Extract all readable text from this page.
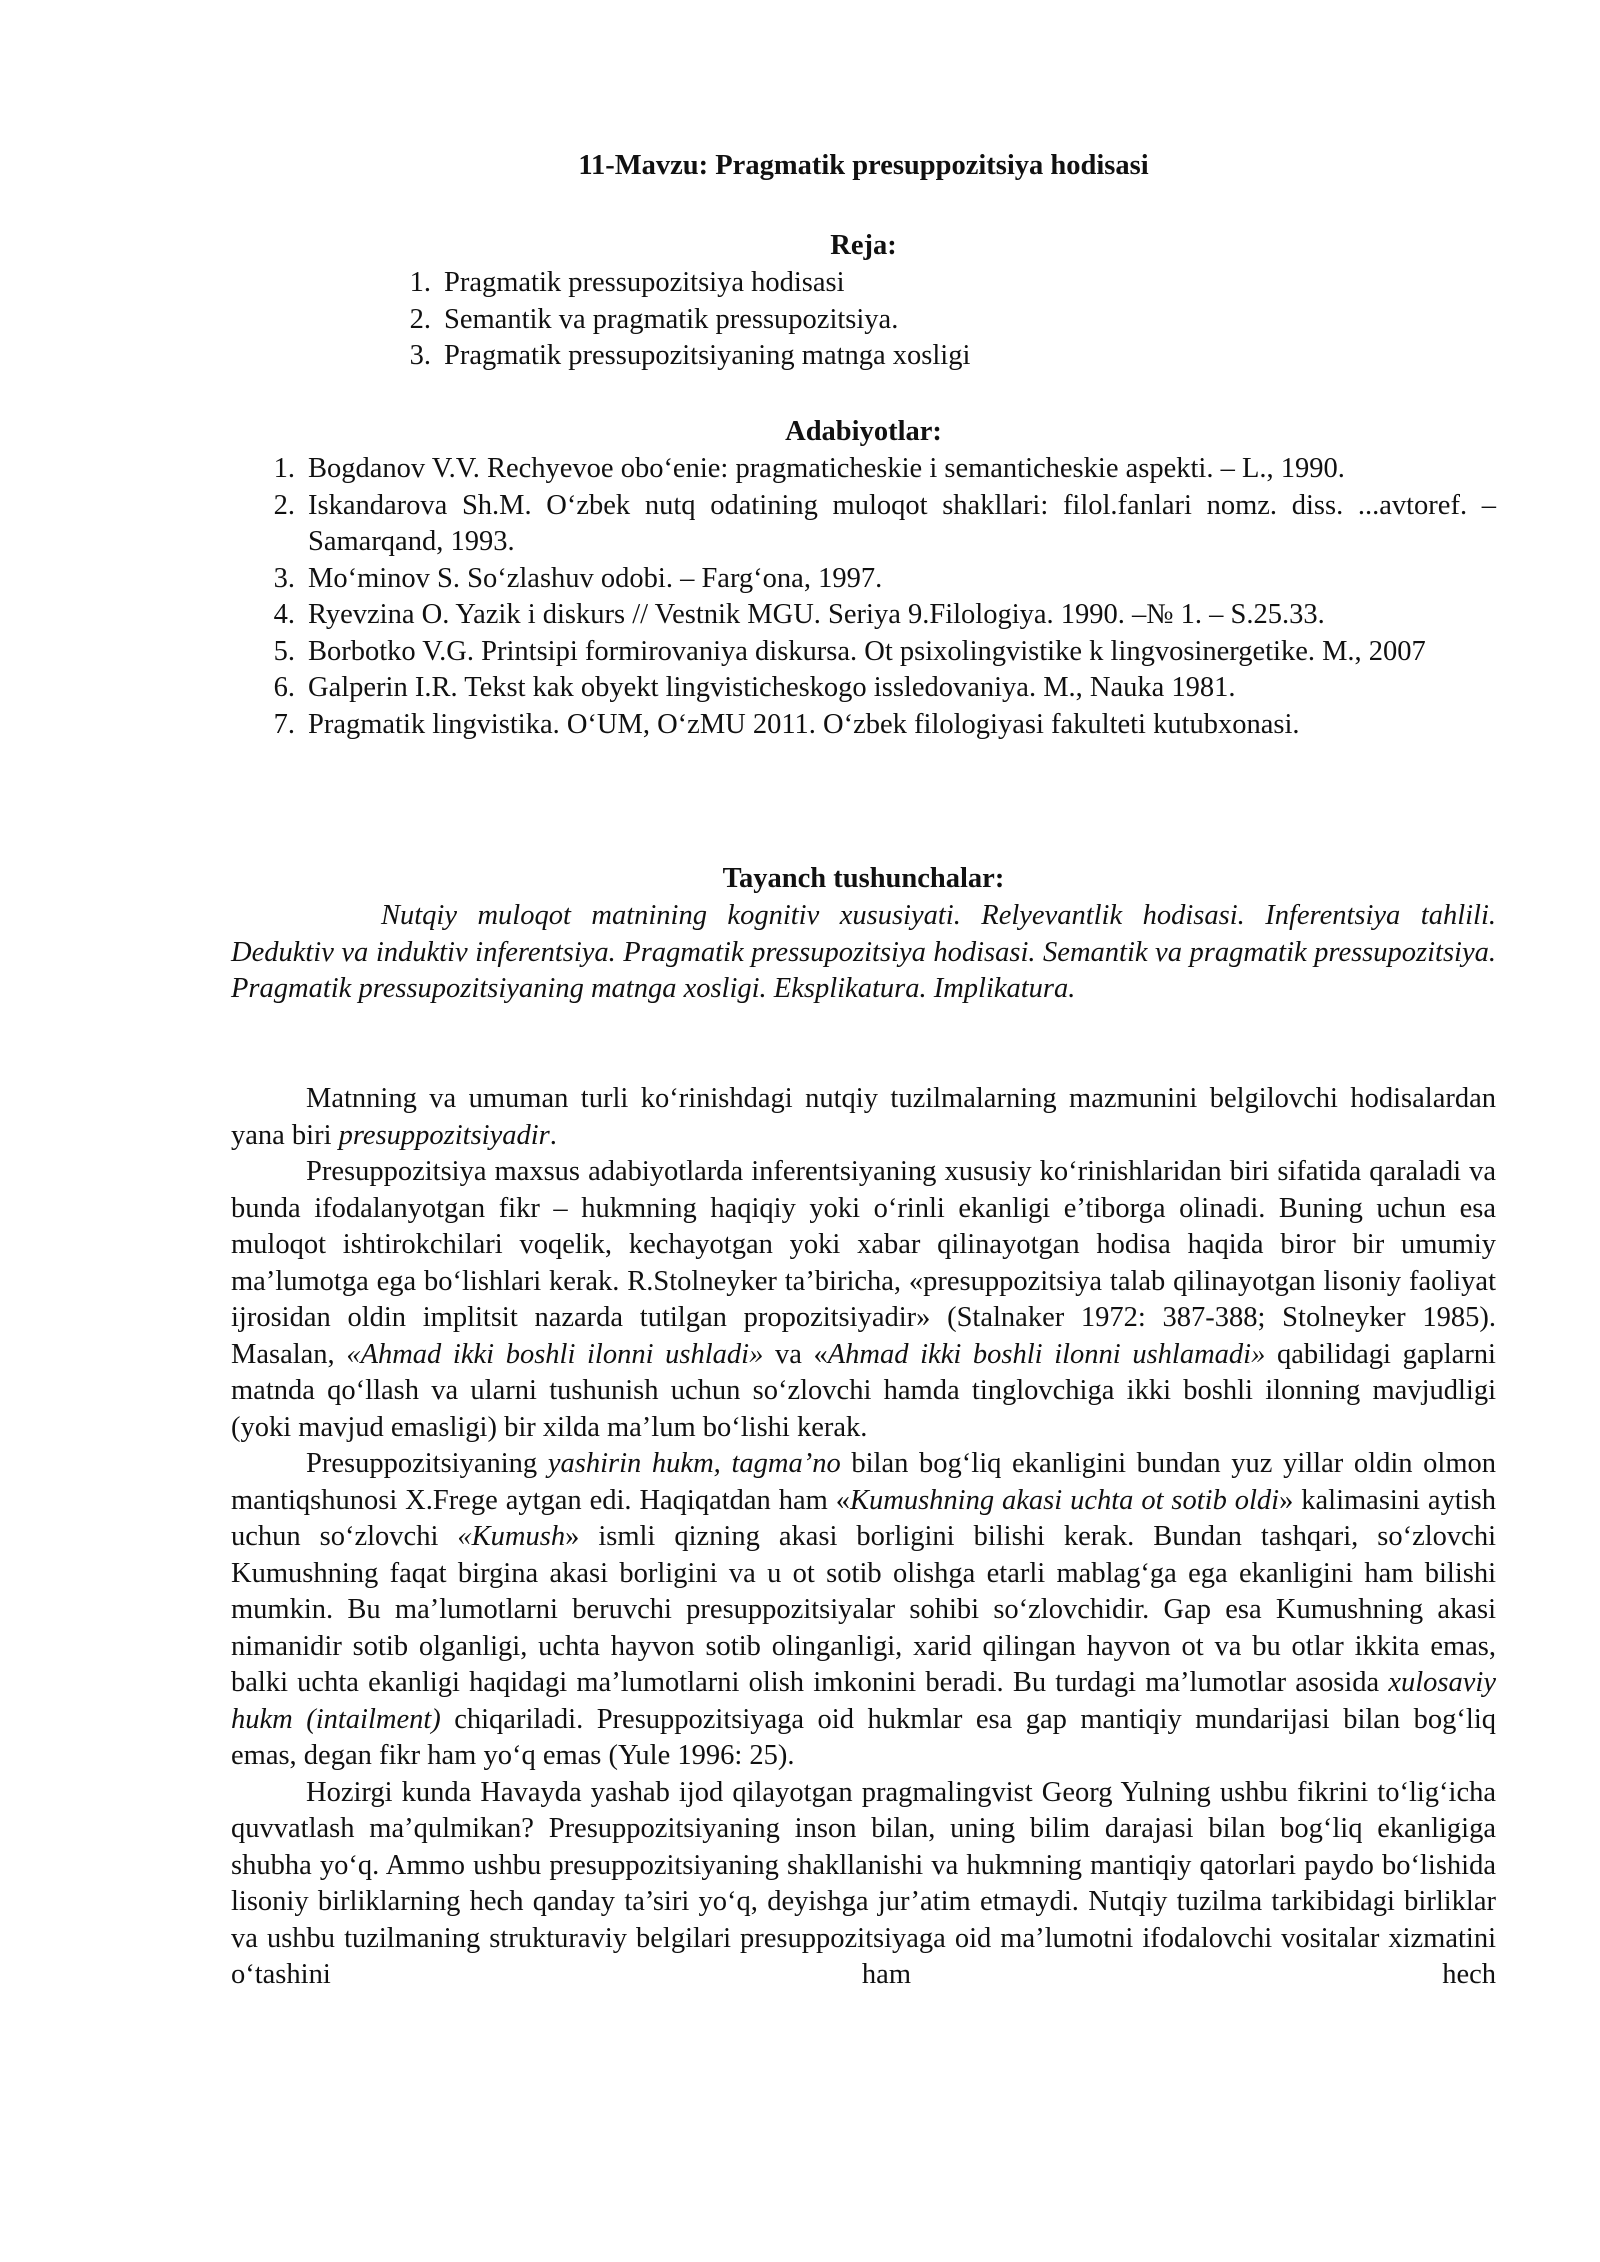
11-Mavzu: Pragmatik presuppozitsiya hodisasi
Reja:
1. Pragmatik pressupozitsiya hodisasi
2. Semantik va pragmatik pressupozitsiya.
3. Pragmatik pressupozitsiyaning matnga xosligi
Adabiyotlar:
1. Bogdanov V.V. Rechyevoe obo‘enie: pragmaticheskie i semanticheskie aspekti. – L., 1990.
2. Iskandarova Sh.M. O‘zbek nutq odatining muloqot shakllari: filol.fanlari nomz. diss. ...avtoref. – Samarqand, 1993.
3. Mo‘minov S. So‘zlashuv odobi. – Farg‘ona, 1997.
4. Ryevzina O. Yazik i diskurs // Vestnik MGU. Seriya 9.Filologiya. 1990. –№ 1. – S.25.33.
5. Borbotko V.G. Printsipi formirovaniya diskursa. Ot psixolingvistike k lingvosinergetike. M., 2007
6. Galperin I.R. Tekst kak obyekt lingvisticheskogo issledovaniya. M., Nauka 1981.
7. Pragmatik lingvistika. O‘UM, O‘zMU 2011. O‘zbek filologiyasi fakulteti kutubxonasi.
Tayanch tushunchalar:

Nutqiy muloqot matnining kognitiv xususiyati. Relyevantlik hodisasi. Inferentsiya tahlili. Deduktiv va induktiv inferentsiya. Pragmatik pressupozitsiya hodisasi. Semantik va pragmatik pressupozitsiya. Pragmatik pressupozitsiyaning matnga xosligi. Eksplikatura. Implikatura.

Matnning va umuman turli ko‘rinishdagi nutqiy tuzilmalarning mazmunini belgilovchi hodisalardan yana biri presuppozitsiyadir.

Presuppozitsiya maxsus adabiyotlarda inferentsiyaning xususiy ko‘rinishlaridan biri sifatida qaraladi va bunda ifodalanyotgan fikr – hukmning haqiqiy yoki o‘rinli ekanligi e’tiborga olinadi. Buning uchun esa muloqot ishtirokchilari voqelik, kechayotgan yoki xabar qilinayotgan hodisa haqida biror bir umumiy ma’lumotga ega bo‘lishlari kerak. R.Stolneyker ta’biricha, «presuppozitsiya talab qilinayotgan lisoniy faoliyat ijrosidan oldin implitsit nazarda tutilgan propozitsiyadir» (Stalnaker 1972: 387-388; Stolneyker 1985). Masalan, «Ahmad ikki boshli ilonni ushladi» va «Ahmad ikki boshli ilonni ushlamadi» qabilidagi gaplarni matnda qo‘llash va ularni tushunish uchun so‘zlovchi hamda tinglovchiga ikki boshli ilonning mavjudligi (yoki mavjud emasligi) bir xilda ma’lum bo‘lishi kerak.

Presuppozitsiyaning yashirin hukm, tagma’no bilan bog‘liq ekanligini bundan yuz yillar oldin olmon mantiqshunosi X.Frege aytgan edi. Haqiqatdan ham «Kumushning akasi uchta ot sotib oldi» kalimasini aytish uchun so‘zlovchi «Kumush» ismli qizning akasi borligini bilishi kerak. Bundan tashqari, so‘zlovchi Kumushning faqat birgina akasi borligini va u ot sotib olishga etarli mablag‘ga ega ekanligini ham bilishi mumkin. Bu ma’lumotlarni beruvchi presuppozitsiyalar sohibi so‘zlovchidir. Gap esa Kumushning akasi nimanidir sotib olganligi, uchta hayvon sotib olinganligi, xarid qilingan hayvon ot va bu otlar ikkita emas, balki uchta ekanligi haqidagi ma’lumotlarni olish imkonini beradi. Bu turdagi ma’lumotlar asosida xulosaviy hukm (intailment) chiqariladi. Presuppozitsiyaga oid hukmlar esa gap mantiqiy mundarijasi bilan bog‘liq emas, degan fikr ham yo‘q emas (Yule 1996: 25).

Hozirgi kunda Havayda yashab ijod qilayotgan pragmalingvist Georg Yulning ushbu fikrini to‘lig‘icha quvvatlash ma’qulmikan? Presuppozitsiyaning inson bilan, uning bilim darajasi bilan bog‘liq ekanligiga shubha yo‘q. Ammo ushbu presuppozitsiyaning shakllanishi va hukmning mantiqiy qatorlari paydo bo‘lishida lisoniy birliklarning hech qanday ta’siri yo‘q, deyishga jur’atim etmaydi. Nutqiy tuzilma tarkibidagi birliklar va ushbu tuzilmaning strukturaviy belgilari presuppozitsiyaga oid ma’lumotni ifodalovchi vositalar xizmatini o‘tashini ham hech
